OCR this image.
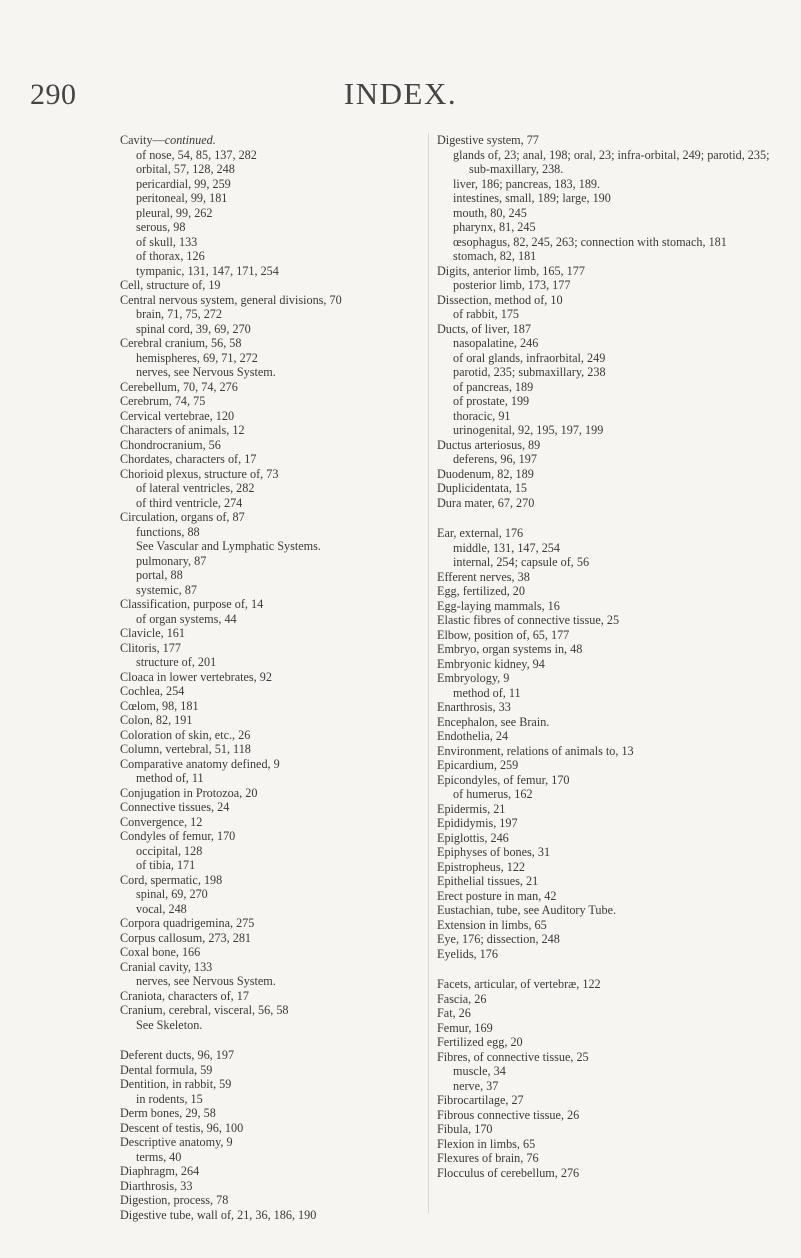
290	INDEX.
Cavity—continued.
of nose, 54, 85, 137, 282
orbital, 57, 128, 248
pericardial, 99, 259
peritoneal, 99, 181
pleural, 99, 262
serous, 98
of skull, 133
of thorax, 126
tympanic, 131, 147, 171, 254
Cell, structure of, 19
Central nervous system, general divisions, 70
brain, 71, 75, 272
spinal cord, 39, 69, 270
Cerebral cranium, 56, 58
hemispheres, 69, 71, 272
nerves, see Nervous System.
Cerebellum, 70, 74, 276
Cerebrum, 74, 75
Cervical vertebrae, 120
Characters of animals, 12
Chondrocranium, 56
Chordates, characters of, 17
Chorioid plexus, structure of, 73
of lateral ventricles, 282
of third ventricle, 274
Circulation, organs of, 87
functions, 88
See Vascular and Lymphatic Systems.
pulmonary, 87
portal, 88
systemic, 87
Classification, purpose of, 14
of organ systems, 44
Clavicle, 161
Clitoris, 177
structure of, 201
Cloaca in lower vertebrates, 92
Cochlea, 254
Cœlom, 98, 181
Colon, 82, 191
Coloration of skin, etc., 26
Column, vertebral, 51, 118
Comparative anatomy defined, 9
method of, 11
Conjugation in Protozoa, 20
Connective tissues, 24
Convergence, 12
Condyles of femur, 170
occipital, 128
of tibia, 171
Cord, spermatic, 198
spinal, 69, 270
vocal, 248
Corpora quadrigemina, 275
Corpus callosum, 273, 281
Coxal bone, 166
Cranial cavity, 133
nerves, see Nervous System.
Craniota, characters of, 17
Cranium, cerebral, visceral, 56, 58
See Skeleton.
Deferent ducts, 96, 197
Dental formula, 59
Dentition, in rabbit, 59
in rodents, 15
Derm bones, 29, 58
Descent of testis, 96, 100
Descriptive anatomy, 9
terms, 40
Diaphragm, 264
Diarthrosis, 33
Digestion, process, 78
Digestive tube, wall of, 21, 36, 186, 190
Digestive system, 77
glands of, 23; anal, 198; oral, 23; infra-orbital, 249; parotid, 235; sub-maxillary, 238.
liver, 186; pancreas, 183, 189.
intestines, small, 189; large, 190
mouth, 80, 245
pharynx, 81, 245
œsophagus, 82, 245, 263; connection with stomach, 181
stomach, 82, 181
Digits, anterior limb, 165, 177
posterior limb, 173, 177
Dissection, method of, 10
of rabbit, 175
Ducts, of liver, 187
nasopalatine, 246
of oral glands, infraorbital, 249
parotid, 235; submaxillary, 238
of pancreas, 189
of prostate, 199
thoracic, 91
urinogenital, 92, 195, 197, 199
Ductus arteriosus, 89
deferens, 96, 197
Duodenum, 82, 189
Duplicidentata, 15
Dura mater, 67, 270
Ear, external, 176
middle, 131, 147, 254
internal, 254; capsule of, 56
Efferent nerves, 38
Egg, fertilized, 20
Egg-laying mammals, 16
Elastic fibres of connective tissue, 25
Elbow, position of, 65, 177
Embryo, organ systems in, 48
Embryonic kidney, 94
Embryology, 9
method of, 11
Enarthrosis, 33
Encephalon, see Brain.
Endothelia, 24
Environment, relations of animals to, 13
Epicardium, 259
Epicondyles, of femur, 170
of humerus, 162
Epidermis, 21
Epididymis, 197
Epiglottis, 246
Epiphyses of bones, 31
Epistropheus, 122
Epithelial tissues, 21
Erect posture in man, 42
Eustachian, tube, see Auditory Tube.
Extension in limbs, 65
Eye, 176; dissection, 248
Eyelids, 176
Facets, articular, of vertebræ, 122
Fascia, 26
Fat, 26
Femur, 169
Fertilized egg, 20
Fibres, of connective tissue, 25
muscle, 34
nerve, 37
Fibrocartilage, 27
Fibrous connective tissue, 26
Fibula, 170
Flexion in limbs, 65
Flexures of brain, 76
Flocculus of cerebellum, 276
